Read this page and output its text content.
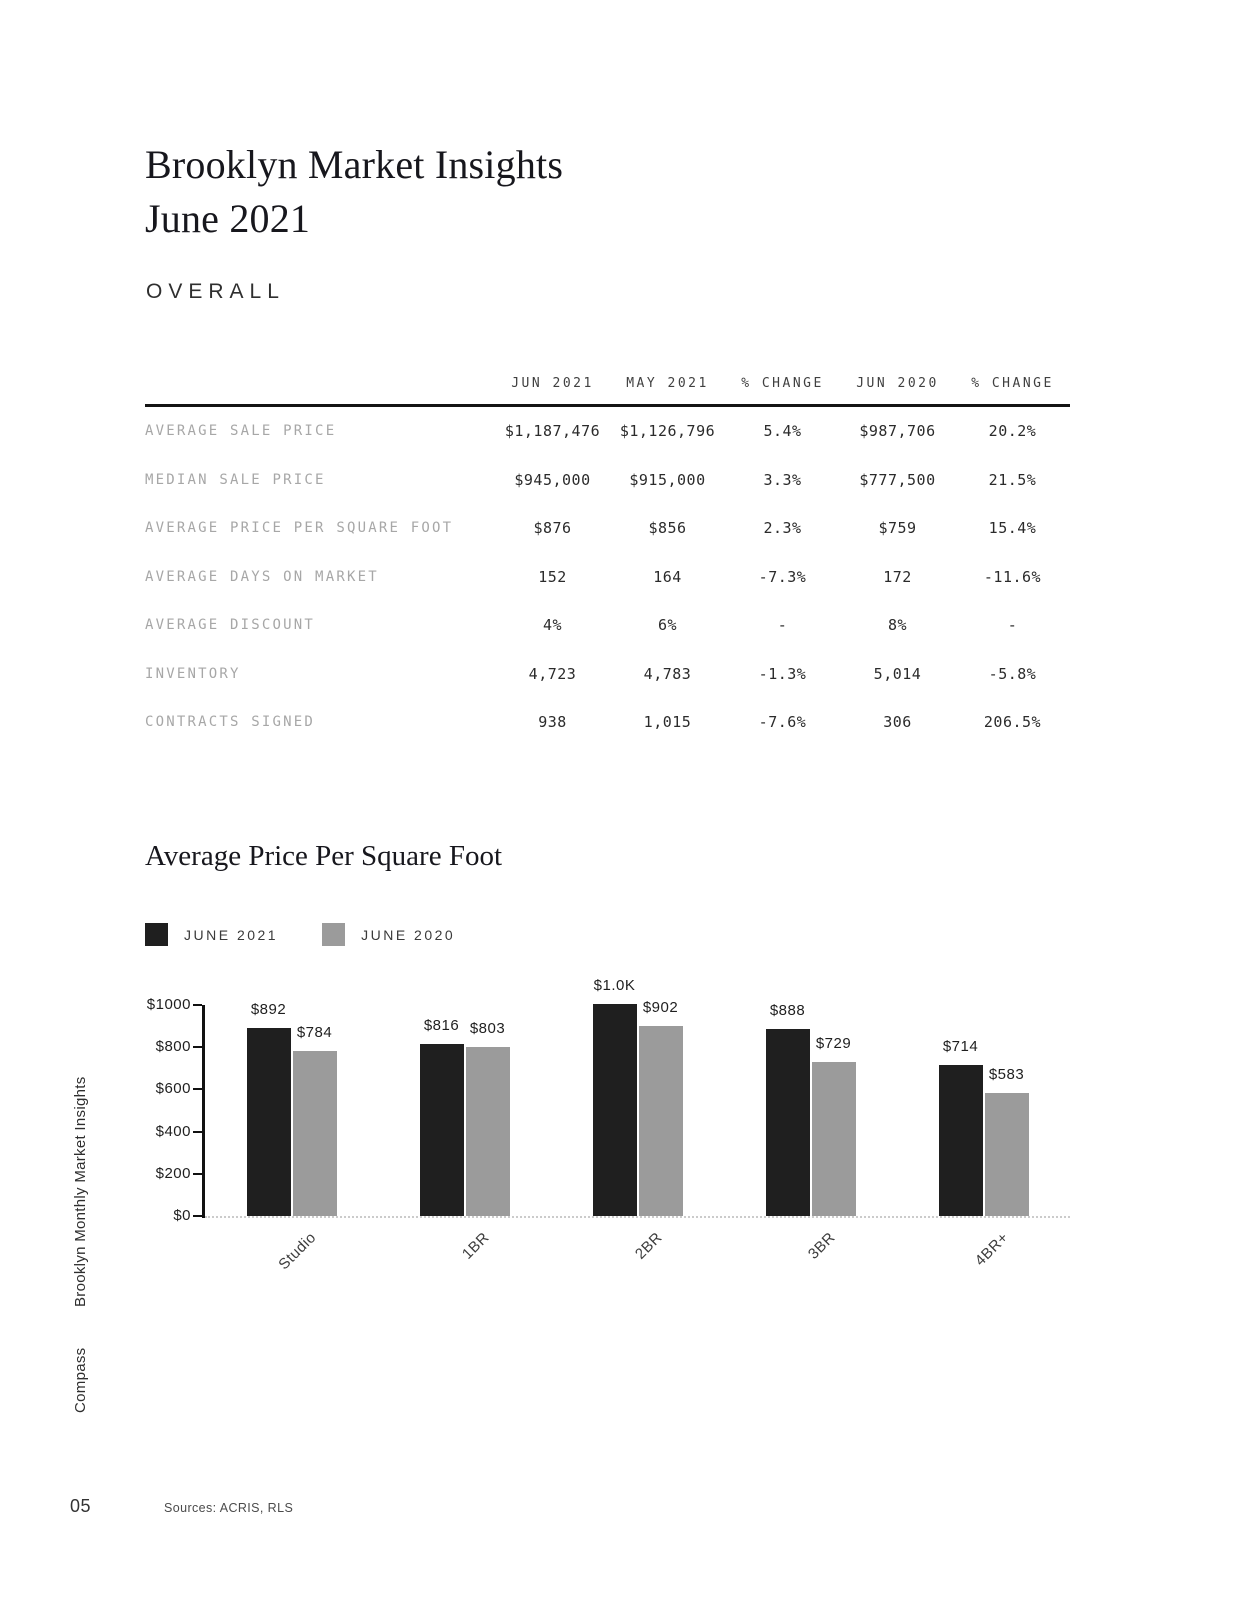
Brooklyn Market Insights
June 2021
OVERALL
JUN 2021	MAY 2021	% CHANGE	JUN 2020	% CHANGE
AVERAGE SALE PRICE	$1,187,476	$1,126,796	5.4%	$987,706	20.2%
MEDIAN SALE PRICE	$945,000	$915,000	3.3%	$777,500	21.5%
AVERAGE PRICE PER SQUARE FOOT	$876	$856	2.3%	$759	15.4%
AVERAGE DAYS ON MARKET	152	164	-7.3%	172	-11.6%
AVERAGE DISCOUNT	4%	6%	-	8%	-
INVENTORY	4,723	4,783	-1.3%	5,014	-5.8%
CONTRACTS SIGNED	938	1,015	-7.6%	306	206.5%
Average Price Per Square Foot
JUNE 2021	JUNE 2020
$0
$200
$400
$600
$800
$1000	$892
$784
Studio
$816 $803
1BR
$1.0K
$902
2BR
$888
$729
3BR
$714
$583
4BR+
Brooklyn Monthly Market Insights
Compass
05	Sources: ACRIS, RLS
